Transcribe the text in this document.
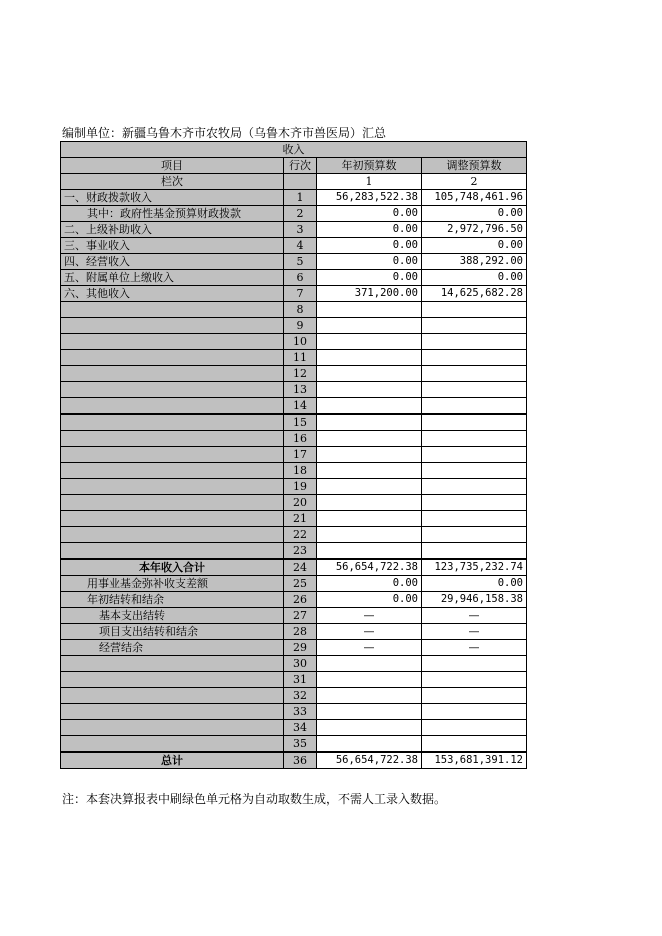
编制单位：新疆乌鲁木齐市农牧局（乌鲁木齐市兽医局）汇总
收入			
项目	行次	年初预算数	调整预算数
栏次		1	2
一、财政拨款收入	1	56,283,522.38	105,748,461.96
其中：政府性基金预算财政拨款	2	0.00	0.00
二、上级补助收入	3	0.00	2,972,796.50
三、事业收入	4	0.00	0.00
四、经营收入	5	0.00	388,292.00
五、附属单位上缴收入	6	0.00	0.00
六、其他收入	7	371,200.00	14,625,682.28
	8		
	9		
	10		
	11		
	12		
	13		
	14		
	15		
	16		
	17		
	18		
	19		
	20		
	21		
	22		
	23		
本年收入合计	24	56,654,722.38	123,735,232.74
用事业基金弥补收支差额	25	0.00	0.00
年初结转和结余	26	0.00	29,946,158.38
基本支出结转	27	—	—
项目支出结转和结余	28	—	—
经营结余	29	—	—
	30		
	31		
	32		
	33		
	34		
	35		
总计	36	56,654,722.38	153,681,391.12
注：本套决算报表中刷绿色单元格为自动取数生成，不需人工录入数据。
